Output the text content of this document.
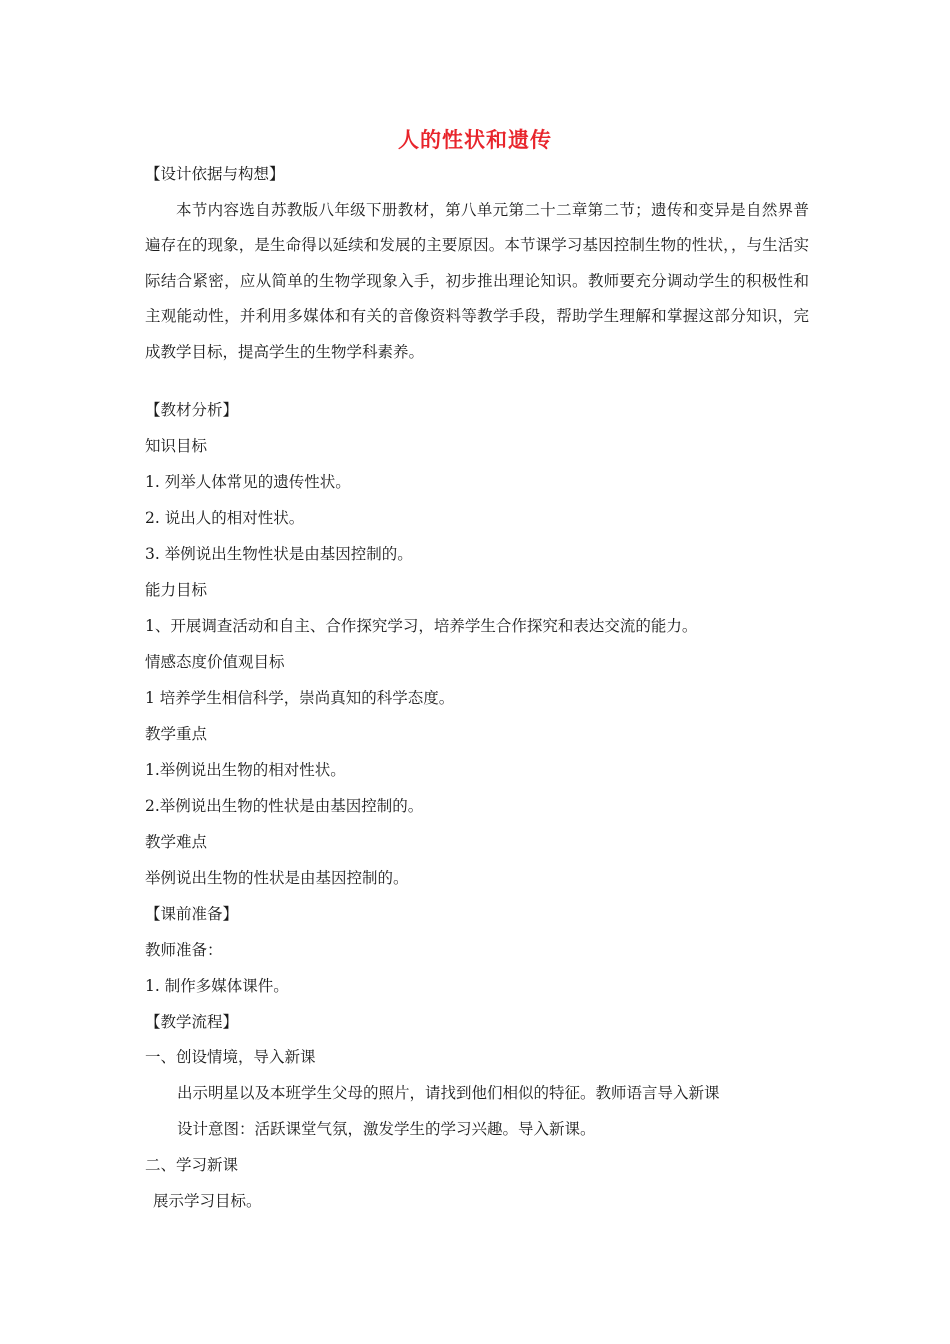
人的性状和遗传
【设计依据与构想】
本节内容选自苏教版八年级下册教材，第八单元第二十二章第二节；遗传和变异是自然界普遍存在的现象，是生命得以延续和发展的主要原因。本节课学习基因控制生物的性状，，与生活实际结合紧密，应从简单的生物学现象入手，初步推出理论知识。教师要充分调动学生的积极性和主观能动性，并利用多媒体和有关的音像资料等教学手段，帮助学生理解和掌握这部分知识，完成教学目标，提高学生的生物学科素养。
【教材分析】
知识目标
1. 列举人体常见的遗传性状。
2. 说出人的相对性状。
3. 举例说出生物性状是由基因控制的。
能力目标
1、开展调查活动和自主、合作探究学习，培养学生合作探究和表达交流的能力。
情感态度价值观目标
1 培养学生相信科学，崇尚真知的科学态度。
教学重点
1.举例说出生物的相对性状。
2.举例说出生物的性状是由基因控制的。
教学难点
举例说出生物的性状是由基因控制的。
【课前准备】
教师准备：
1. 制作多媒体课件。
【教学流程】
一、创设情境，导入新课
出示明星以及本班学生父母的照片，请找到他们相似的特征。教师语言导入新课
设计意图：活跃课堂气氛，激发学生的学习兴趣。导入新课。
二、学习新课
展示学习目标。
